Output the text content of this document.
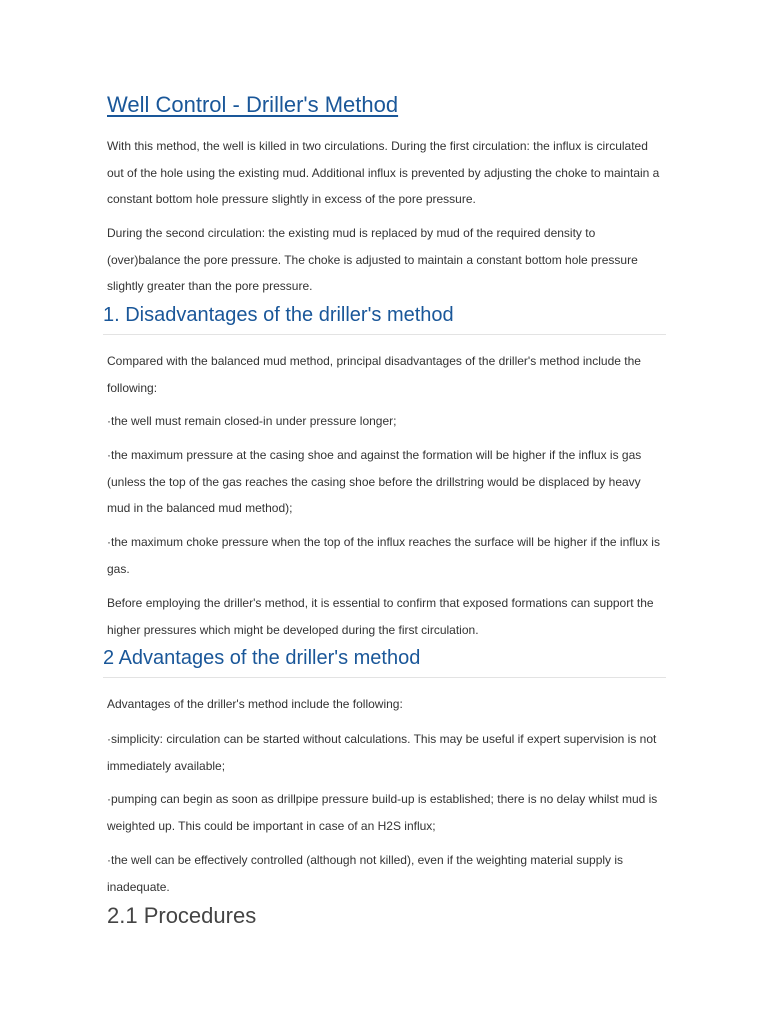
Well Control - Driller's Method

With this method, the well is killed in two circulations. During the first circulation: the influx is circulated out of the hole using the existing mud. Additional influx is prevented by adjusting the choke to maintain a constant bottom hole pressure slightly in excess of the pore pressure.

During the second circulation: the existing mud is replaced by mud of the required density to (over)balance the pore pressure. The choke is adjusted to maintain a constant bottom hole pressure slightly greater than the pore pressure.

1. Disadvantages of the driller's method

Compared with the balanced mud method, principal disadvantages of the driller's method include the following:

·the well must remain closed-in under pressure longer;

·the maximum pressure at the casing shoe and against the formation will be higher if the influx is gas (unless the top of the gas reaches the casing shoe before the drillstring would be displaced by heavy mud in the balanced mud method);

·the maximum choke pressure when the top of the influx reaches the surface will be higher if the influx is gas.

Before employing the driller's method, it is essential to confirm that exposed formations can support the higher pressures which might be developed during the first circulation.

2 Advantages of the driller's method

Advantages of the driller's method include the following:

·simplicity: circulation can be started without calculations. This may be useful if expert supervision is not immediately available;

·pumping can begin as soon as drillpipe pressure build-up is established; there is no delay whilst mud is weighted up. This could be important in case of an H2S influx;

·the well can be effectively controlled (although not killed), even if the weighting material supply is inadequate.

2.1 Procedures
